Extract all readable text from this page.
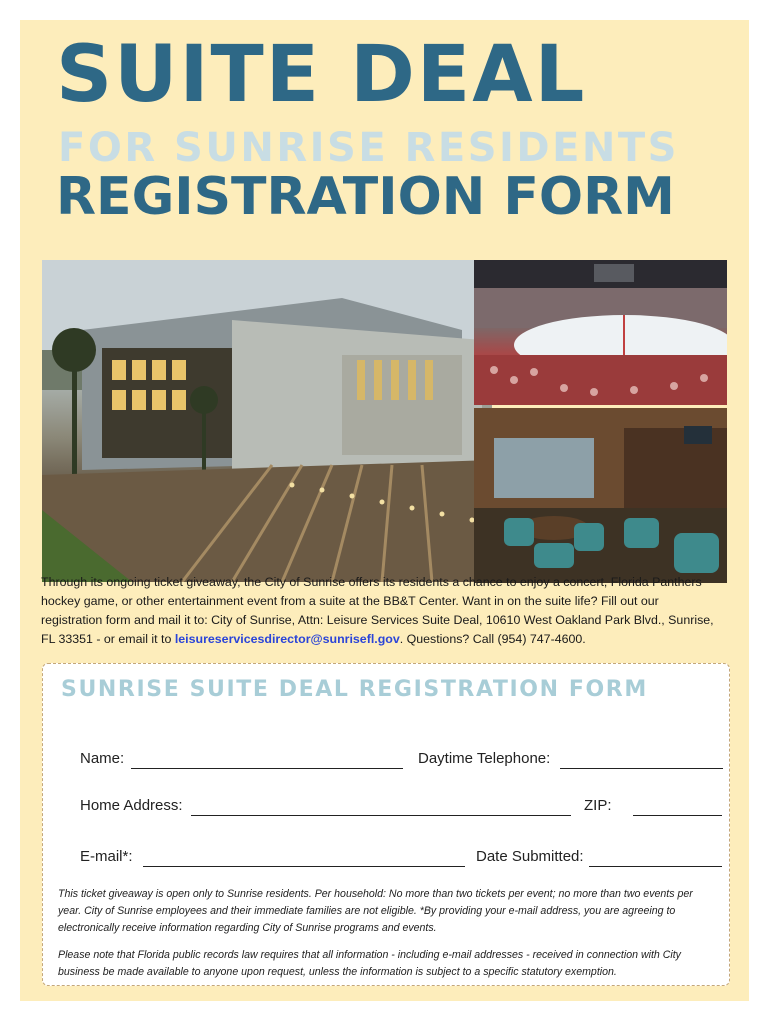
SUITE DEAL
FOR SUNRISE RESIDENTS
REGISTRATION FORM
Through its ongoing ticket giveaway, the City of Sunrise offers its residents a chance to enjoy a concert, Florida Panthers hockey game, or other entertainment event from a suite at the BB&T Center. Want in on the suite life? Fill out our registration form and mail it to: City of Sunrise, Attn: Leisure Services Suite Deal, 10610 West Oakland Park Blvd., Sunrise, FL 33351 - or email it to leisureservicesdirector@sunrisefl.gov. Questions? Call (954) 747-4600.
SUNRISE SUITE DEAL REGISTRATION FORM
Name:	Daytime Telephone:
Home Address:	ZIP:
E-mail*:	Date Submitted:
This ticket giveaway is open only to Sunrise residents. Per household: No more than two tickets per event; no more than two events per year. City of Sunrise employees and their immediate families are not eligible. *By providing your e-mail address, you are agreeing to electronically receive information regarding City of Sunrise programs and events.
Please note that Florida public records law requires that all information - including e-mail addresses - received in connection with City business be made available to anyone upon request, unless the information is subject to a specific statutory exemption.
